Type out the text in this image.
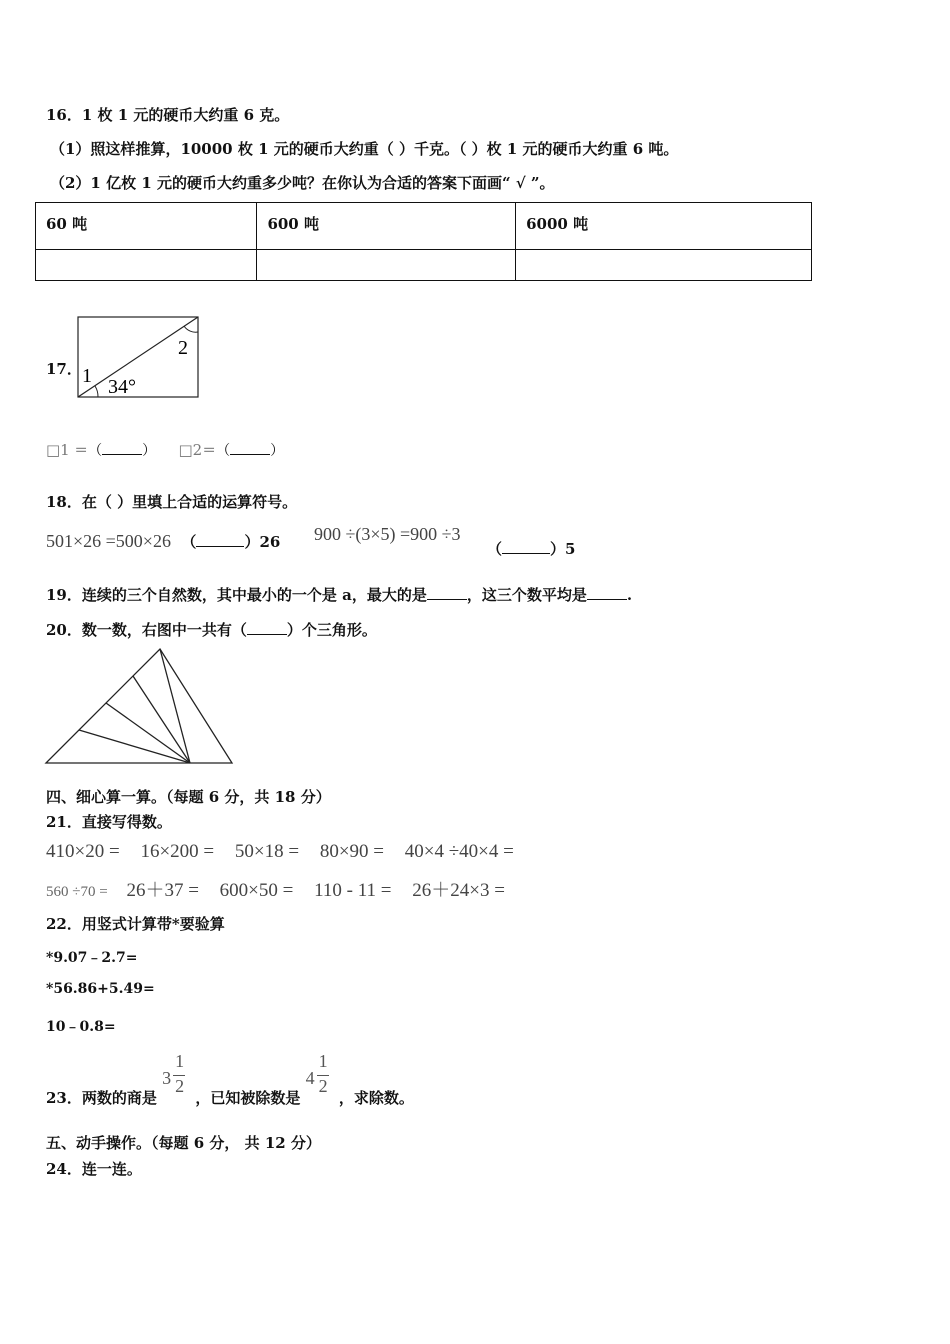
16．1 枚 1 元的硬币大约重 6 克。
（1）照这样推算，10000 枚 1 元的硬币大约重（ ）千克。（ ）枚 1 元的硬币大约重 6 吨。
（2）1 亿枚 1 元的硬币大约重多少吨？在你认为合适的答案下面画“ √ ”。
60 吨	600 吨	6000 吨

17． 1
2
34°
□1 ＝（	） □2＝（	）
18．在（ ）里填上合适的运算符号。
501×26 =500×26 （	）26 900 ÷(3×5) =900 ÷3
（	）5
19．连续的三个自然数，其中最小的一个是 a，最大的是	，这三个数平均是	.
20．数一数，右图中一共有（	）个三角形。
四、细心算一算。（每题 6 分，共 18 分）
21．直接写得数。
410×20 = 16×200 = 50×18 = 80×90 = 40×4 ÷40×4 =
560 ÷70 = 26＋37 = 600×50 = 110 - 11 = 26＋24×3 =
22．用竖式计算带*要验算
*9.07﹣2.7=
*56.86+5.49=
10﹣0.8=
23．两数的商是
3
1
2
，已知被除数是
4
1
2
，求除数。
五、动手操作。（每题 6 分， 共 12 分）
24．连一连。
